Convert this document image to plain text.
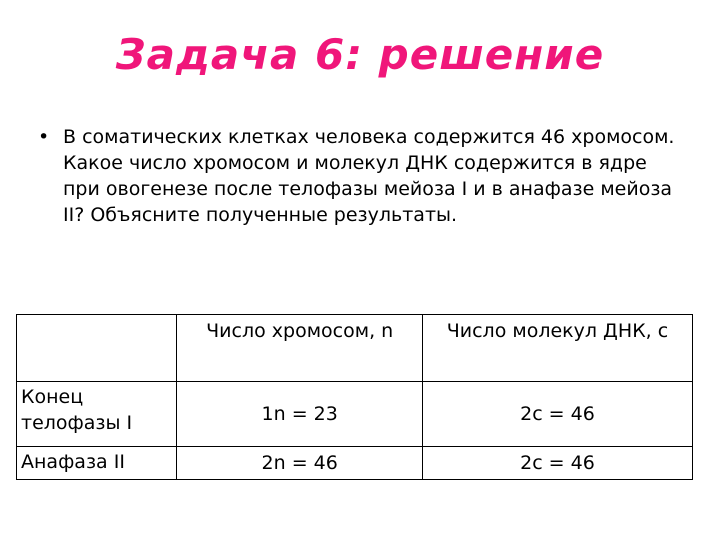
Задача 6: решение
• В соматических клетках человека содержится 46 хромосом. Какое число хромосом и молекул ДНК содержится в ядре при овогенезе после телофазы мейоза I и в анафазе мейоза II? Объясните полученные результаты.
	Число хромосом, n	Число молекул ДНК, с
Конец телофазы I	1n = 23	2c = 46
Анафаза II	2n = 46	2c = 46
